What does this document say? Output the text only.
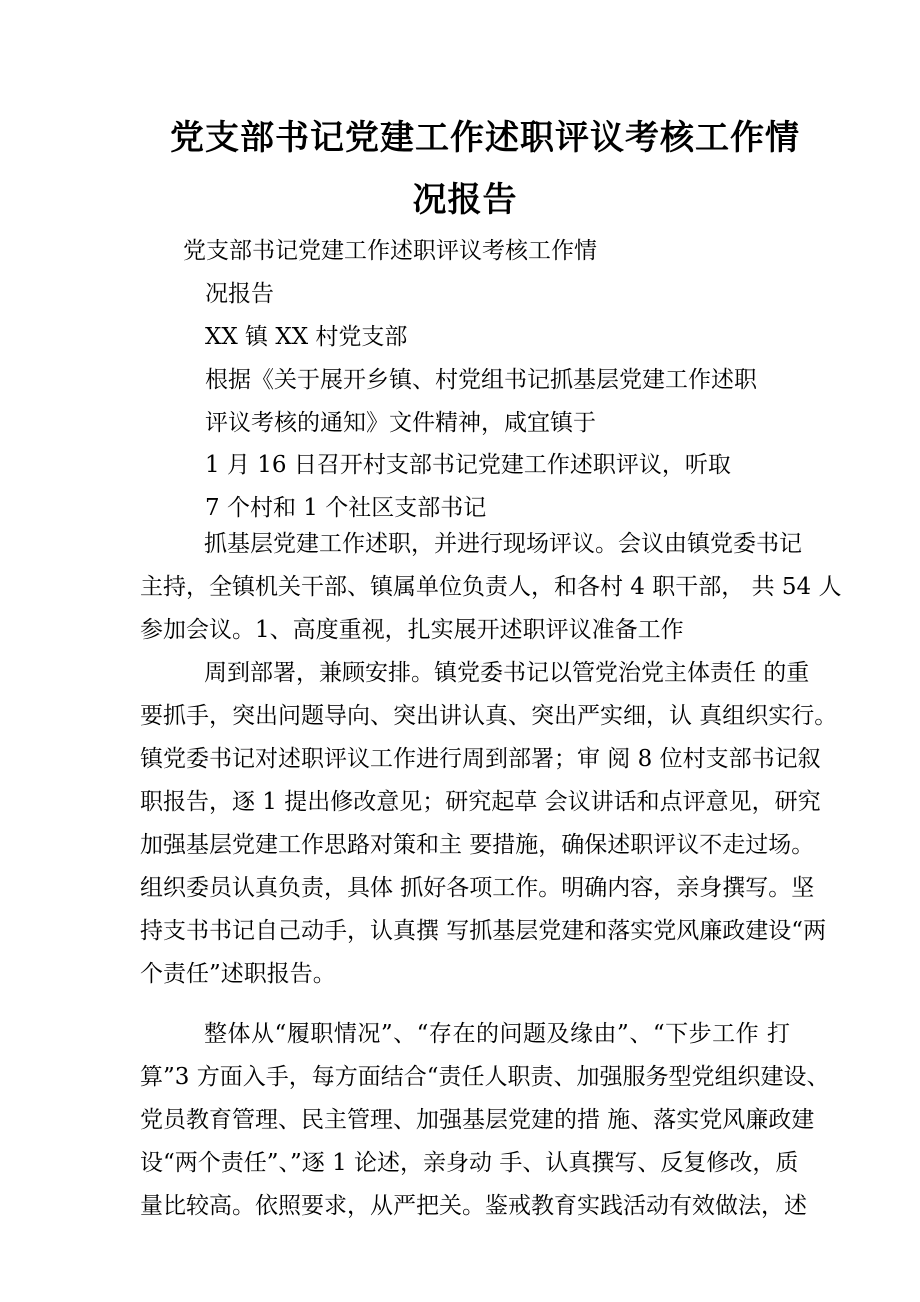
党支部书记党建工作述职评议考核工作情
况报告
党支部书记党建工作述职评议考核工作情
况报告
XX 镇 XX 村党支部
根据《关于展开乡镇、村党组书记抓基层党建工作述职
评议考核的通知》文件精神，咸宜镇于
1 月 16 日召开村支部书记党建工作述职评议，听取
7 个村和 1 个社区支部书记
抓基层党建工作述职，并进行现场评议。会议由镇党委书记
主持，全镇机关干部、镇属单位负责人，和各村 4 职干部， 共 54 人
参加会议。1、高度重视，扎实展开述职评议准备工作
周到部署，兼顾安排。镇党委书记以管党治党主体责任 的重
要抓手，突出问题导向、突出讲认真、突出严实细，认 真组织实行。
镇党委书记对述职评议工作进行周到部署；审 阅 8 位村支部书记叙
职报告，逐 1 提出修改意见；研究起草 会议讲话和点评意见，研究
加强基层党建工作思路对策和主 要措施，确保述职评议不走过场。
组织委员认真负责，具体 抓好各项工作。明确内容，亲身撰写。坚
持支书书记自己动手，认真撰 写抓基层党建和落实党风廉政建设“两
个责任”述职报告。
整体从“履职情况”、“存在的问题及缘由”、“下步工作 打
算”3 方面入手，每方面结合“责任人职责、加强服务型党组织建设、
党员教育管理、民主管理、加强基层党建的措 施、落实党风廉政建
设“两个责任”、”逐 1 论述，亲身动 手、认真撰写、反复修改，质
量比较高。依照要求，从严把关。鉴戒教育实践活动有效做法，述
